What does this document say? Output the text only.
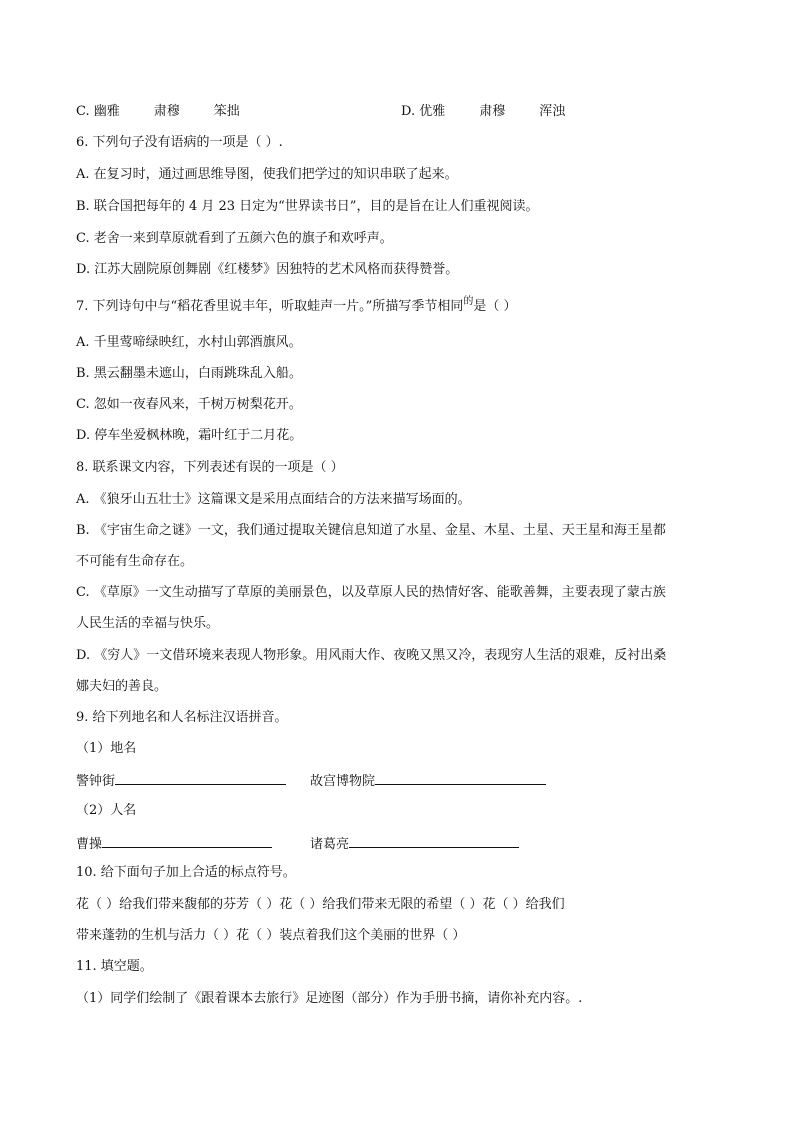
C. 幽雅	肃穆	笨拙	D. 优雅	肃穆	浑浊
6. 下列句子没有语病的一项是（ ）.
A. 在复习时，通过画思维导图，使我们把学过的知识串联了起来。
B. 联合国把每年的 4 月 23 日定为“世界读书日”，目的是旨在让人们重视阅读。
C. 老舍一来到草原就看到了五颜六色的旗子和欢呼声。
D. 江苏大剧院原创舞剧《红楼梦》因独特的艺术风格而获得赞誉。
7. 下列诗句中与“稻花香里说丰年，听取蛙声一片。”所描写季节相同$^的$是（ ）
A. 千里莺啼绿映红，水村山郭酒旗风。
B. 黑云翻墨未遮山，白雨跳珠乱入船。
C. 忽如一夜春风来，千树万树梨花开。
D. 停车坐爱枫林晚，霜叶红于二月花。
8. 联系课文内容，下列表述有误的一项是（ ）
A. 《狼牙山五壮士》这篇课文是采用点面结合的方法来描写场面的。
B. 《宇宙生命之谜》一文，我们通过提取关键信息知道了水星、金星、木星、土星、天王星和海王星都
不可能有生命存在。
C. 《草原》一文生动描写了草原的美丽景色，以及草原人民的热情好客、能歌善舞，主要表现了蒙古族
人民生活的幸福与快乐。
D. 《穷人》一文借环境来表现人物形象。用风雨大作、夜晚又黑又冷，表现穷人生活的艰难，反衬出桑
娜夫妇的善良。
9. 给下列地名和人名标注汉语拼音。
（1）地名
警钟街	故宫博物院
（2）人名
曹操	诸葛亮
10. 给下面句子加上合适的标点符号。
花（ ）给我们带来馥郁的芬芳（ ）花（ ）给我们带来无限的希望（ ）花（ ）给我们
带来蓬勃的生机与活力（ ）花（ ）装点着我们这个美丽的世界（ ）
11. 填空题。
（1）同学们绘制了《跟着课本去旅行》足迹图（部分）作为手册书摘，请你补充内容。.
